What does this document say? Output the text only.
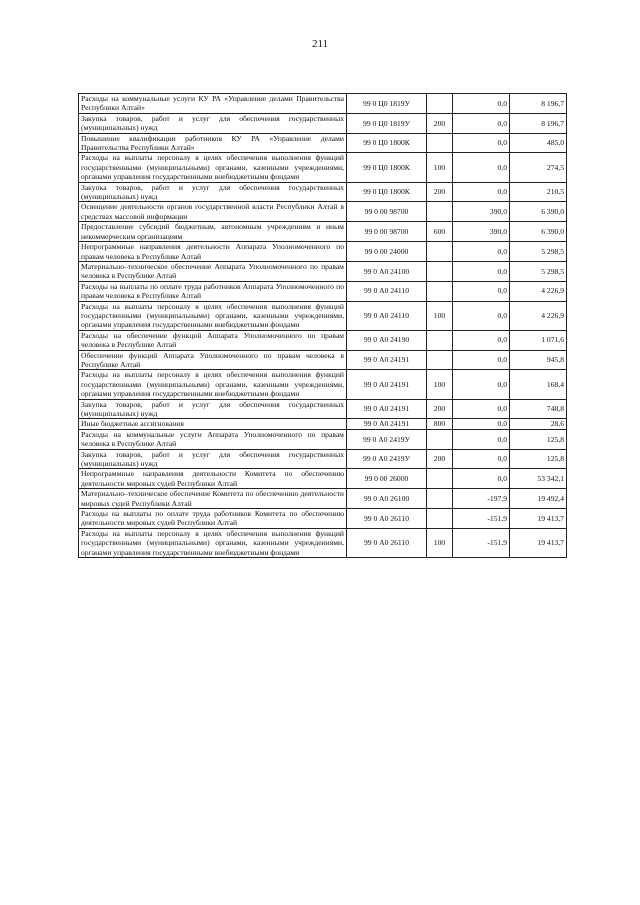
211
Расходы на коммунальные услуги КУ РА «Управление делами Правительства Республики Алтай»	99 0 Ц0 1819У		0,0	8 196,7
Закупка товаров, работ и услуг для обеспечения государственных (муниципальных) нужд	99 0 Ц0 1819У	200	0,0	8 196,7
Повышение квалификации работников КУ РА «Управление делами Правительства Республики Алтай»	99 0 Ц0 1800К		0,0	485,0
Расходы на выплаты персоналу в целях обеспечения выполнения функций государственными (муниципальными) органами, казенными учреждениями, органами управления государственными внебюджетными фондами	99 0 Ц0 1800К	100	0,0	274,5
Закупка товаров, работ и услуг для обеспечения государственных (муниципальных) нужд	99 0 Ц0 1800К	200	0,0	210,5
Освещение деятельности органов государственной власти Республики Алтай в средствах массовой информации	99 0 00 98700		390,0	6 390,0
Предоставление субсидий бюджетным, автономным учреждениям и иным некоммерческим организациям	99 0 00 98700	600	390,0	6 390,0
Непрограммные направления деятельности Аппарата Уполномоченного по правам человека в Республике Алтай	99 0 00 24000		0,0	5 298,5
Материально–техническое обеспечение Аппарата Уполномоченного по правам человека в Республике Алтай	99 0 А0 24100		0,0	5 298,5
Расходы на выплаты по оплате труда работников Аппарата Уполномоченного по правам человека в Республике Алтай	99 0 А0 24110		0,0	4 226,9
Расходы на выплаты персоналу в целях обеспечения выполнения функций государственными (муниципальными) органами, казенными учреждениями, органами управления государственными внебюджетными фондами	99 0 А0 24110	100	0,0	4 226,9
Расходы на обеспечение функций Аппарата Уполномоченного по правам человека в Республике Алтай	99 0 А0 24190		0,0	1 071,6
Обеспечение функций Аппарата Уполномоченного по правам человека в Республике Алтай	99 0 А0 24191		0,0	945,8
Расходы на выплаты персоналу в целях обеспечения выполнения функций государственными (муниципальными) органами, казенными учреждениями, органами управления государственными внебюджетными фондами	99 0 А0 24191	100	0,0	168,4
Закупка товаров, работ и услуг для обеспечения государственных (муниципальных) нужд	99 0 А0 24191	200	0,0	748,8
Иные бюджетные ассигнования	99 0 А0 24191	800	0,0	28,6
Расходы на коммунальные услуги Аппарата Уполномоченного по правам человека в Республике Алтай	99 0 А0 2419У		0,0	125,8
Закупка товаров, работ и услуг для обеспечения государственных (муниципальных) нужд	99 0 А0 2419У	200	0,0	125,8
Непрограммные направления деятельности Комитета по обеспечению деятельности мировых судей Республики Алтай	99 0 00 26000		0,0	53 342,1
Материально–техническое обеспечение Комитета по обеспечению деятельности мировых судей Республики Алтай	99 0 А0 26100		-197,9	19 492,4
Расходы на выплаты по оплате труда работников Комитета по обеспечению деятельности мировых судей Республики Алтай	99 0 А0 26110		-151,9	19 413,7
Расходы на выплаты персоналу в целях обеспечения выполнения функций государственными (муниципальными) органами, казенными учреждениями, органами управления государственными внебюджетными фондами	99 0 А0 26110	100	-151,9	19 413,7
